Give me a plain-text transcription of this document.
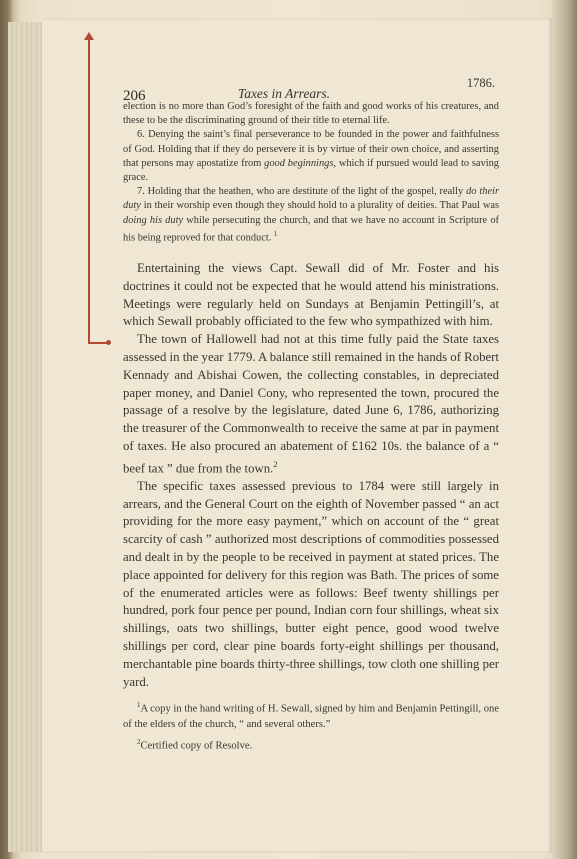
206	Taxes in Arrears.
1786.

election is no more than God’s foresight of the faith and good works of his creatures, and these to be the discriminating ground of their title to eternal life.

6. Denying the saint’s final perseverance to be founded in the power and faithfulness of God. Holding that if they do persevere it is by virtue of their own choice, and asserting that persons may apostatize from good beginnings, which if pursued would lead to saving grace.

7. Holding that the heathen, who are destitute of the light of the gospel, really do their duty in their worship even though they should hold to a plurality of deities. That Paul was doing his duty while persecuting the church, and that we have no account in Scripture of his being reproved for that conduct. $^1$

Entertaining the views Capt. Sewall did of Mr. Foster and his doctrines it could not be expected that he would attend his ministrations. Meetings were regularly held on Sundays at Benjamin Pettingill’s, at which Sewall probably officiated to the few who sympathized with him.

The town of Hallowell had not at this time fully paid the State taxes assessed in the year 1779. A balance still remained in the hands of Robert Kennady and Abishai Cowen, the collecting constables, in depreciated paper money, and Daniel Cony, who represented the town, procured the passage of a resolve by the legislature, dated June 6, 1786, authorizing the treasurer of the Commonwealth to receive the same at par in payment of taxes. He also procured an abatement of £162 10s. the balance of a “ beef tax ” due from the town.$^2$

The specific taxes assessed previous to 1784 were still largely in arrears, and the General Court on the eighth of November passed “ an act providing for the more easy payment,” which on account of the “ great scarcity of cash ” authorized most descriptions of commodities possessed and dealt in by the people to be received in payment at stated prices. The place appointed for delivery for this region was Bath. The prices of some of the enumerated articles were as follows: Beef twenty shillings per hundred, pork four pence per pound, Indian corn four shillings, wheat six shillings, oats two shillings, butter eight pence, good wood twelve shillings per cord, clear pine boards forty-eight shillings per thousand, merchantable pine boards thirty-three shillings, tow cloth one shilling per yard.

$^1$A copy in the hand writing of H. Sewall, signed by him and Benjamin Pettingill, one of the elders of the church, “ and several others.”

$^2$Certified copy of Resolve.
